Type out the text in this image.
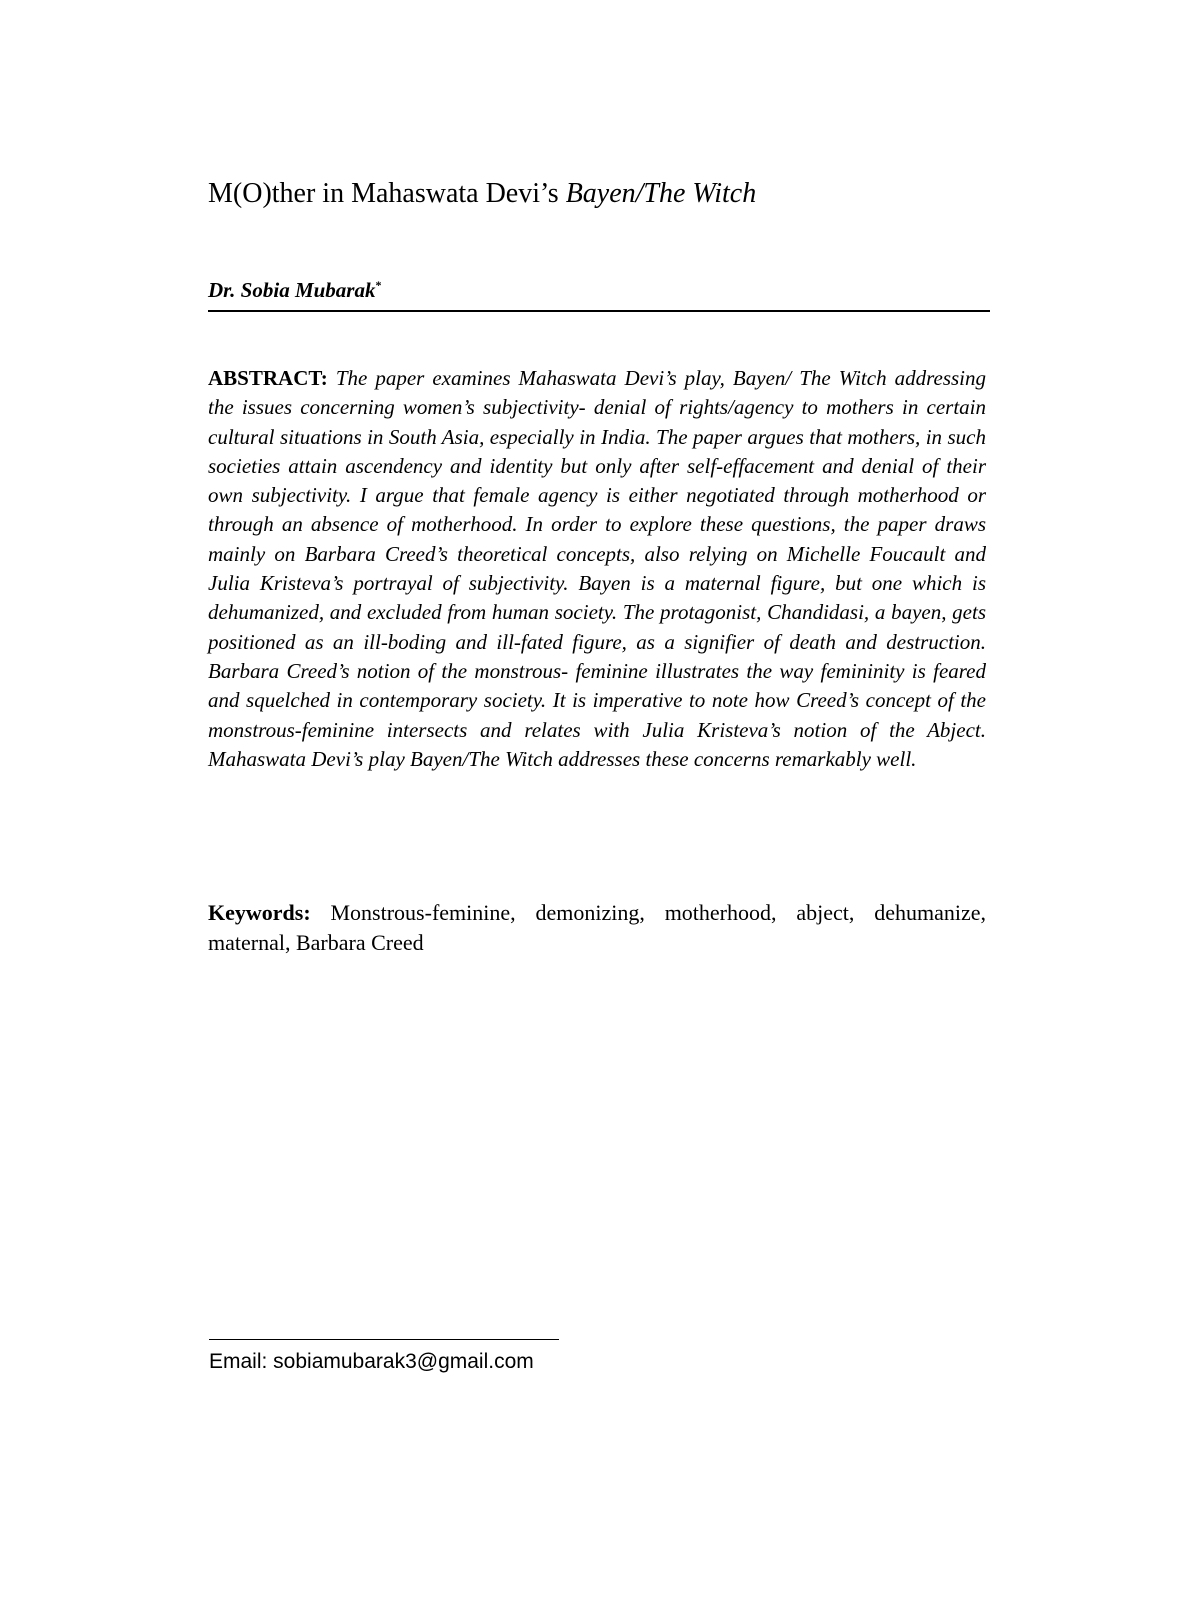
M(O)ther in Mahaswata Devi’s Bayen/The Witch
Dr. Sobia Mubarak*

ABSTRACT: The paper examines Mahaswata Devi’s play, Bayen/ The Witch addressing the issues concerning women’s subjectivity- denial of rights/agency to mothers in certain cultural situations in South Asia, especially in India. The paper argues that mothers, in such societies attain ascendency and identity but only after self-effacement and denial of their own subjectivity. I argue that female agency is either negotiated through motherhood or through an absence of motherhood. In order to explore these questions, the paper draws mainly on Barbara Creed’s theoretical concepts, also relying on Michelle Foucault and Julia Kristeva’s portrayal of subjectivity. Bayen is a maternal figure, but one which is dehumanized, and excluded from human society. The protagonist, Chandidasi, a bayen, gets positioned as an ill-boding and ill-fated figure, as a signifier of death and destruction. Barbara Creed’s notion of the monstrous- feminine illustrates the way femininity is feared and squelched in contemporary society. It is imperative to note how Creed’s concept of the monstrous-feminine intersects and relates with Julia Kristeva’s notion of the Abject. Mahaswata Devi’s play Bayen/The Witch addresses these concerns remarkably well.

Keywords: Monstrous-feminine, demonizing, motherhood, abject, dehumanize, maternal, Barbara Creed

Email: sobiamubarak3@gmail.com
